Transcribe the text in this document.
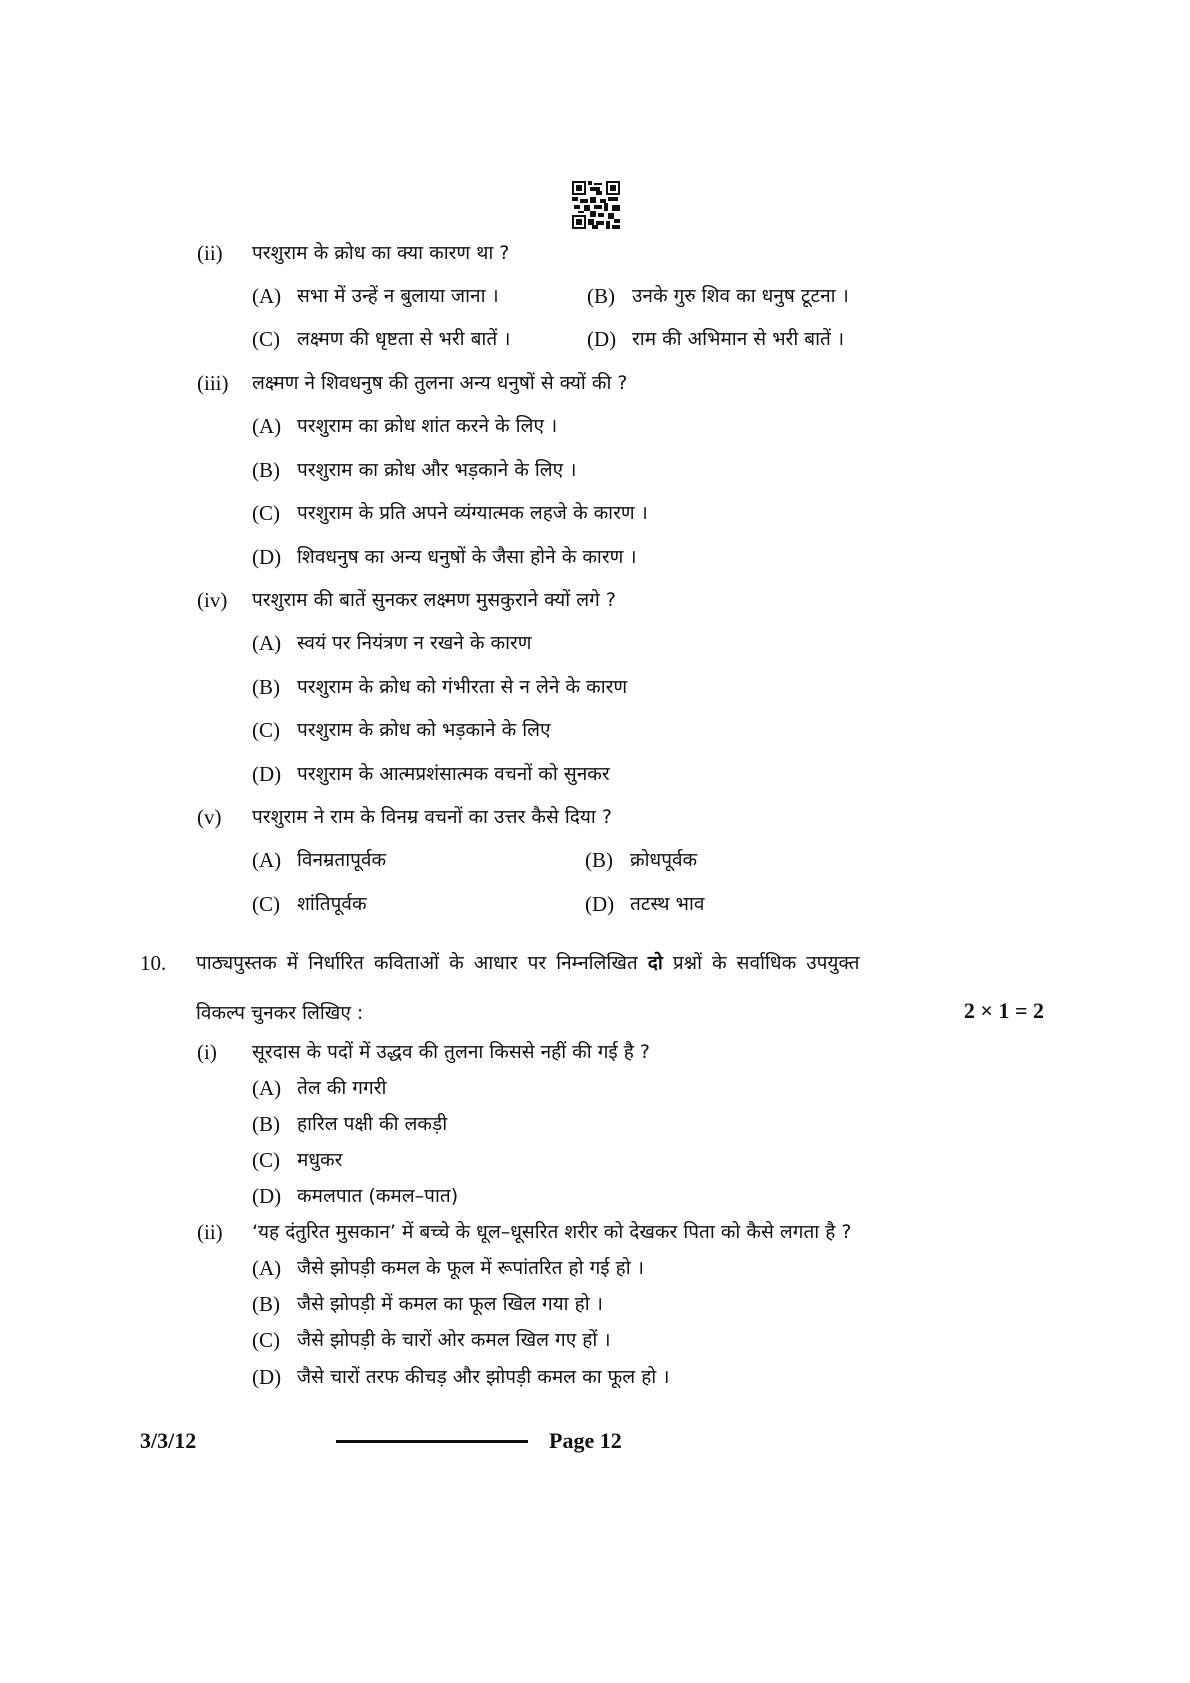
(ii) परशुराम के क्रोध का क्या कारण था ?
(A) सभा में उन्हें न बुलाया जाना ।	(B) उनके गुरु शिव का धनुष टूटना ।
(C) लक्ष्मण की धृष्टता से भरी बातें ।	(D) राम की अभिमान से भरी बातें ।
(iii) लक्ष्मण ने शिवधनुष की तुलना अन्य धनुषों से क्यों की ?
(A) परशुराम का क्रोध शांत करने के लिए ।
(B) परशुराम का क्रोध और भड़काने के लिए ।
(C) परशुराम के प्रति अपने व्यंग्यात्मक लहजे के कारण ।
(D) शिवधनुष का अन्य धनुषों के जैसा होने के कारण ।
(iv) परशुराम की बातें सुनकर लक्ष्मण मुसकुराने क्यों लगे ?
(A) स्वयं पर नियंत्रण न रखने के कारण
(B) परशुराम के क्रोध को गंभीरता से न लेने के कारण
(C) परशुराम के क्रोध को भड़काने के लिए
(D) परशुराम के आत्मप्रशंसात्मक वचनों को सुनकर
(v) परशुराम ने राम के विनम्र वचनों का उत्तर कैसे दिया ?
(A) विनम्रतापूर्वक	(B) क्रोधपूर्वक
(C) शांतिपूर्वक	(D) तटस्थ भाव
10. पाठ्यपुस्तक में निर्धारित कविताओं के आधार पर निम्नलिखित दो प्रश्नों के सर्वाधिक उपयुक्त
विकल्प चुनकर लिखिए :	2 × 1 = 2
(i) सूरदास के पदों में उद्धव की तुलना किससे नहीं की गई है ?
(A) तेल की गगरी
(B) हारिल पक्षी की लकड़ी
(C) मधुकर
(D) कमलपात (कमल–पात)
(ii) ‘यह दंतुरित मुसकान’ में बच्चे के धूल–धूसरित शरीर को देखकर पिता को कैसे लगता है ?
(A) जैसे झोपड़ी कमल के फूल में रूपांतरित हो गई हो ।
(B) जैसे झोपड़ी में कमल का फूल खिल गया हो ।
(C) जैसे झोपड़ी के चारों ओर कमल खिल गए हों ।
(D) जैसे चारों तरफ कीचड़ और झोपड़ी कमल का फूल हो ।
3/3/12	Page 12
